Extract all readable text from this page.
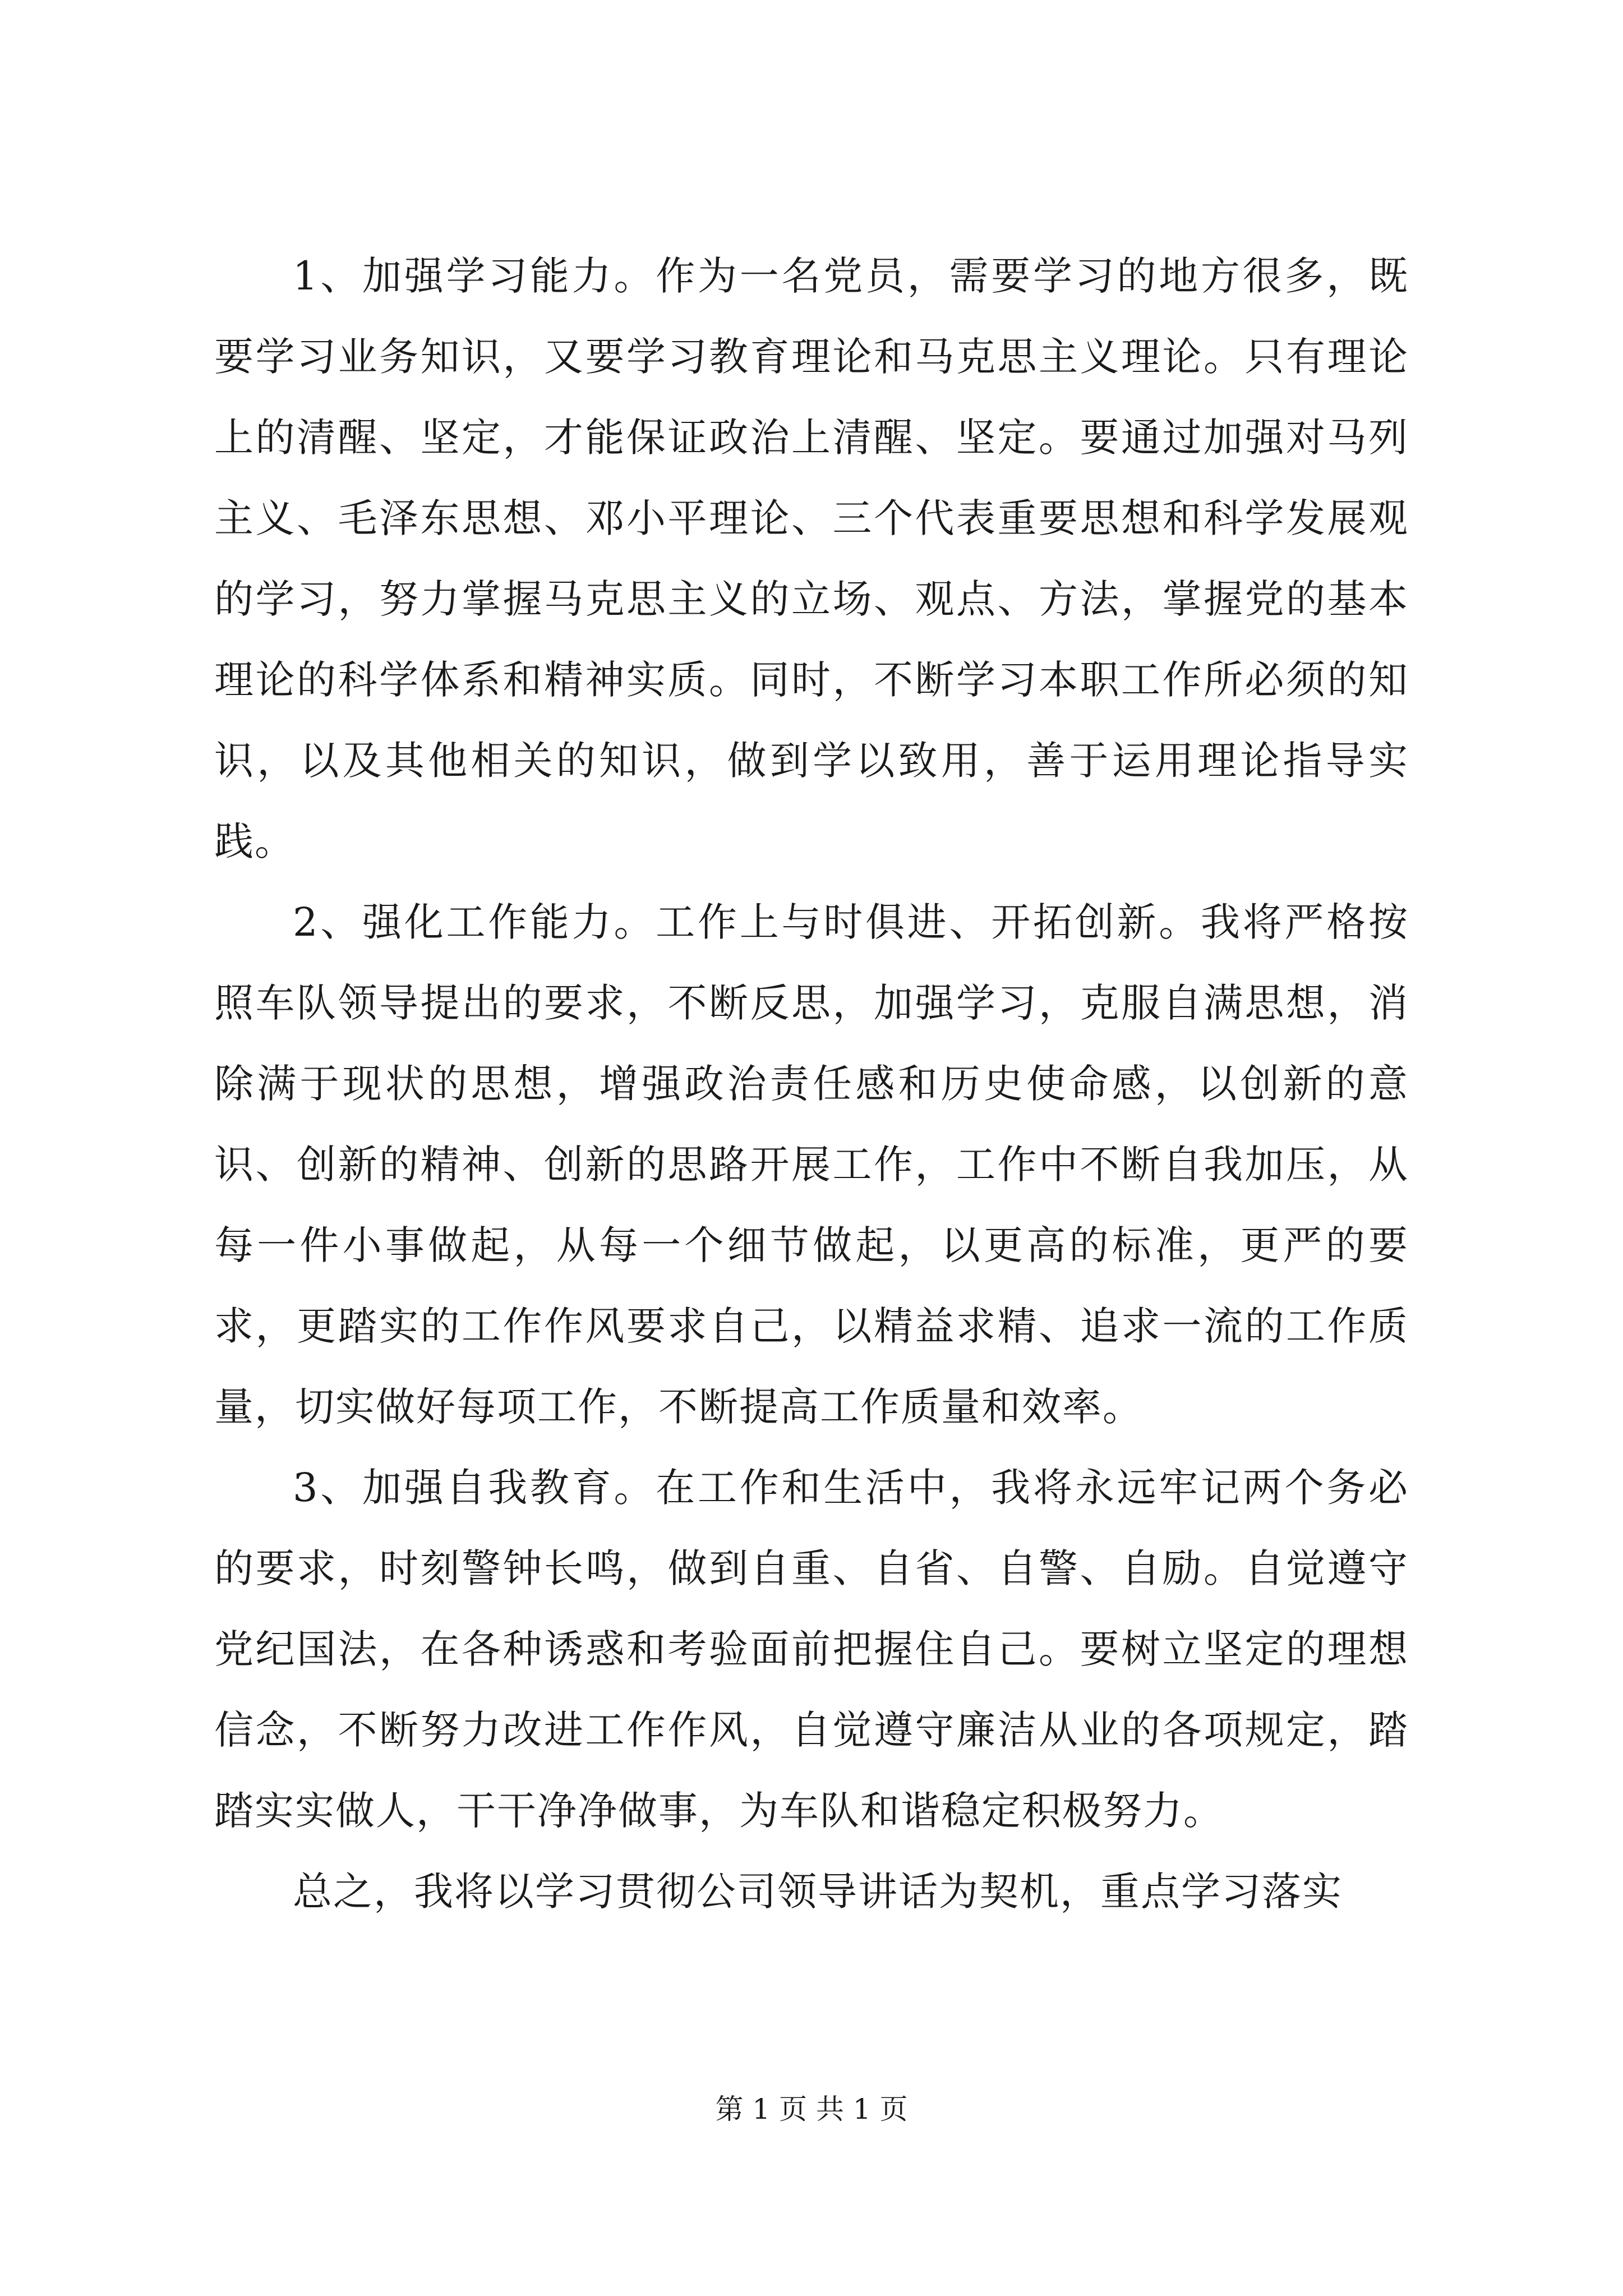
1、加强学习能力。作为一名党员，需要学习的地方很多，既要学习业务知识，又要学习教育理论和马克思主义理论。只有理论上的清醒、坚定，才能保证政治上清醒、坚定。要通过加强对马列主义、毛泽东思想、邓小平理论、三个代表重要思想和科学发展观的学习，努力掌握马克思主义的立场、观点、方法，掌握党的基本理论的科学体系和精神实质。同时，不断学习本职工作所必须的知识，以及其他相关的知识，做到学以致用，善于运用理论指导实践。

2、强化工作能力。工作上与时俱进、开拓创新。我将严格按照车队领导提出的要求，不断反思，加强学习，克服自满思想，消除满于现状的思想，增强政治责任感和历史使命感，以创新的意识、创新的精神、创新的思路开展工作，工作中不断自我加压，从每一件小事做起，从每一个细节做起，以更高的标准，更严的要求，更踏实的工作作风要求自己，以精益求精、追求一流的工作质量，切实做好每项工作，不断提高工作质量和效率。

3、加强自我教育。在工作和生活中，我将永远牢记两个务必的要求，时刻警钟长鸣，做到自重、自省、自警、自励。自觉遵守党纪国法，在各种诱惑和考验面前把握住自己。要树立坚定的理想信念，不断努力改进工作作风，自觉遵守廉洁从业的各项规定，踏踏实实做人，干干净净做事，为车队和谐稳定积极努力。

总之，我将以学习贯彻公司领导讲话为契机，重点学习落实

第 1 页 共 1 页
